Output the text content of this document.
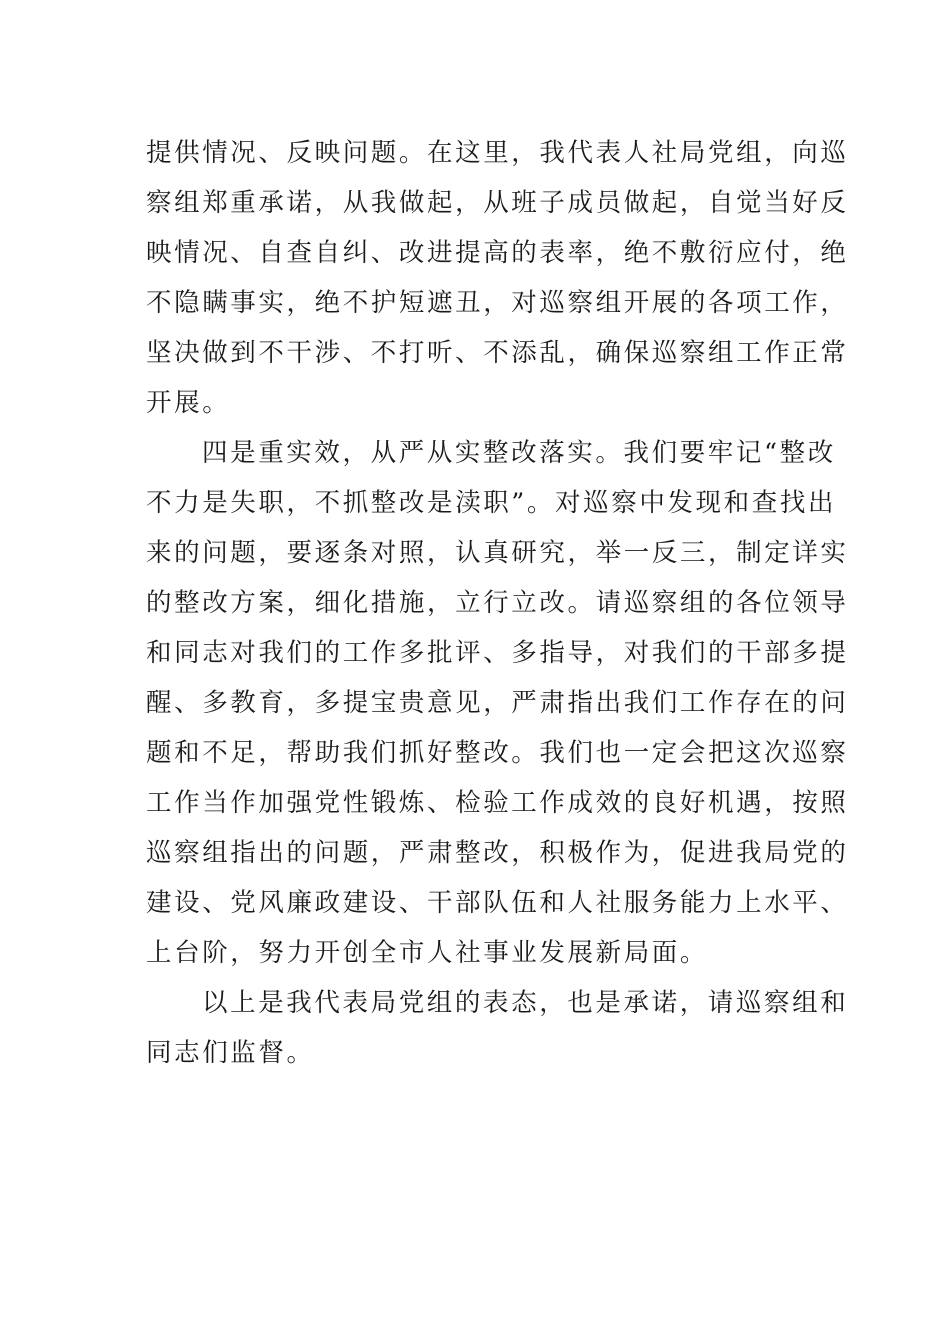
提供情况、反映问题。在这里，我代表人社局党组，向巡
察组郑重承诺，从我做起，从班子成员做起，自觉当好反
映情况、自查自纠、改进提高的表率，绝不敷衍应付，绝
不隐瞒事实，绝不护短遮丑，对巡察组开展的各项工作，
坚决做到不干涉、不打听、不添乱，确保巡察组工作正常
开展。
四是重实效，从严从实整改落实。我们要牢记“整改
不力是失职，不抓整改是渎职”。对巡察中发现和查找出
来的问题，要逐条对照，认真研究，举一反三，制定详实
的整改方案，细化措施，立行立改。请巡察组的各位领导
和同志对我们的工作多批评、多指导，对我们的干部多提
醒、多教育，多提宝贵意见，严肃指出我们工作存在的问
题和不足，帮助我们抓好整改。我们也一定会把这次巡察
工作当作加强党性锻炼、检验工作成效的良好机遇，按照
巡察组指出的问题，严肃整改，积极作为，促进我局党的
建设、党风廉政建设、干部队伍和人社服务能力上水平、
上台阶，努力开创全市人社事业发展新局面。
以上是我代表局党组的表态，也是承诺，请巡察组和
同志们监督。
